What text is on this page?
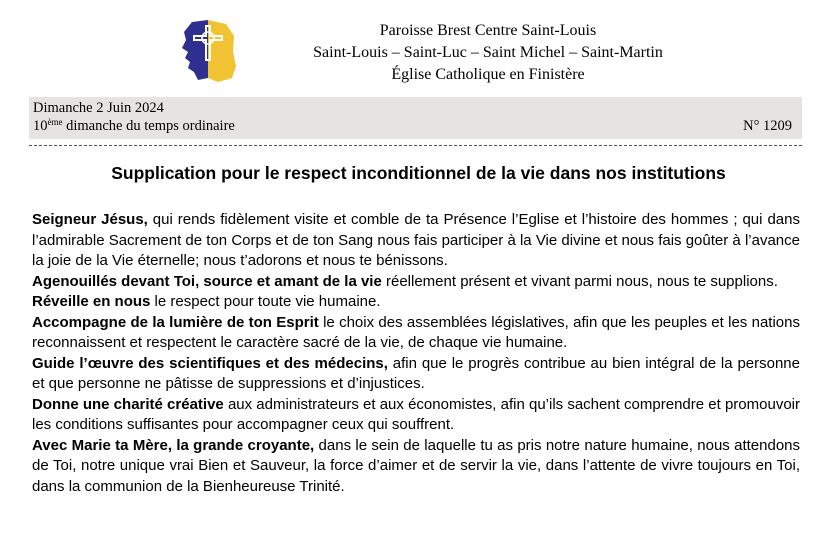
Paroisse Brest Centre Saint-Louis
Saint-Louis – Saint-Luc – Saint Michel – Saint-Martin
Église Catholique en Finistère
Dimanche 2 Juin 2024
10ème dimanche du temps ordinaire	N° 1209
Supplication pour le respect inconditionnel de la vie dans nos institutions

Seigneur Jésus, qui rends fidèlement visite et comble de ta Présence l’Eglise et l’histoire des hommes ; qui dans l’admirable Sacrement de ton Corps et de ton Sang nous fais participer à la Vie divine et nous fais goûter à l’avance la joie de la Vie éternelle; nous t’adorons et nous te bénissons.

Agenouillés devant Toi, source et amant de la vie réellement présent et vivant parmi nous, nous te supplions.

Réveille en nous le respect pour toute vie humaine.

Accompagne de la lumière de ton Esprit le choix des assemblées législatives, afin que les peuples et les nations reconnaissent et respectent le caractère sacré de la vie, de chaque vie humaine.

Guide l’œuvre des scientifiques et des médecins, afin que le progrès contribue au bien intégral de la personne et que personne ne pâtisse de suppressions et d’injustices.

Donne une charité créative aux administrateurs et aux économistes, afin qu’ils sachent comprendre et promouvoir les conditions suffisantes pour accompagner ceux qui souffrent.

Avec Marie ta Mère, la grande croyante, dans le sein de laquelle tu as pris notre nature humaine, nous attendons de Toi, notre unique vrai Bien et Sauveur, la force d’aimer et de servir la vie, dans l’attente de vivre toujours en Toi, dans la communion de la Bienheureuse Trinité.
